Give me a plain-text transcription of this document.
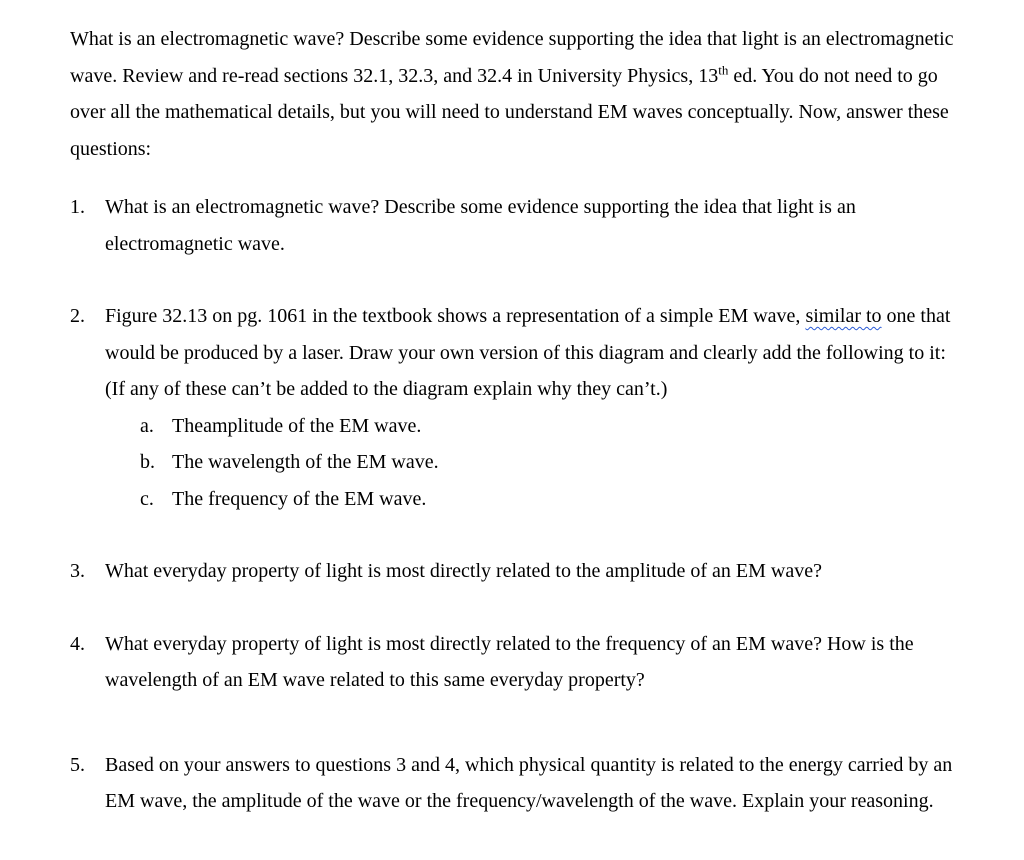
What is an electromagnetic wave? Describe some evidence supporting the idea that light is an electromagnetic wave. Review and re-read sections 32.1, 32.3, and 32.4 in University Physics, 13th ed. You do not need to go over all the mathematical details, but you will need to understand EM waves conceptually. Now, answer these questions:

1.	What is an electromagnetic wave? Describe some evidence supporting the idea that light is an electromagnetic wave.
2.	Figure 32.13 on pg. 1061 in the textbook shows a representation of a simple EM wave, similar to one that would be produced by a laser. Draw your own version of this diagram and clearly add the following to it: (If any of these can’t be added to the diagram explain why they can’t.)
a. Theamplitude of the EM wave.
b. The wavelength of the EM wave.
c. The frequency of the EM wave.
3.	What everyday property of light is most directly related to the amplitude of an EM wave?
4.	What everyday property of light is most directly related to the frequency of an EM wave? How is the wavelength of an EM wave related to this same everyday property?
5.	Based on your answers to questions 3 and 4, which physical quantity is related to the energy carried by an EM wave, the amplitude of the wave or the frequency/wavelength of the wave. Explain your reasoning.
